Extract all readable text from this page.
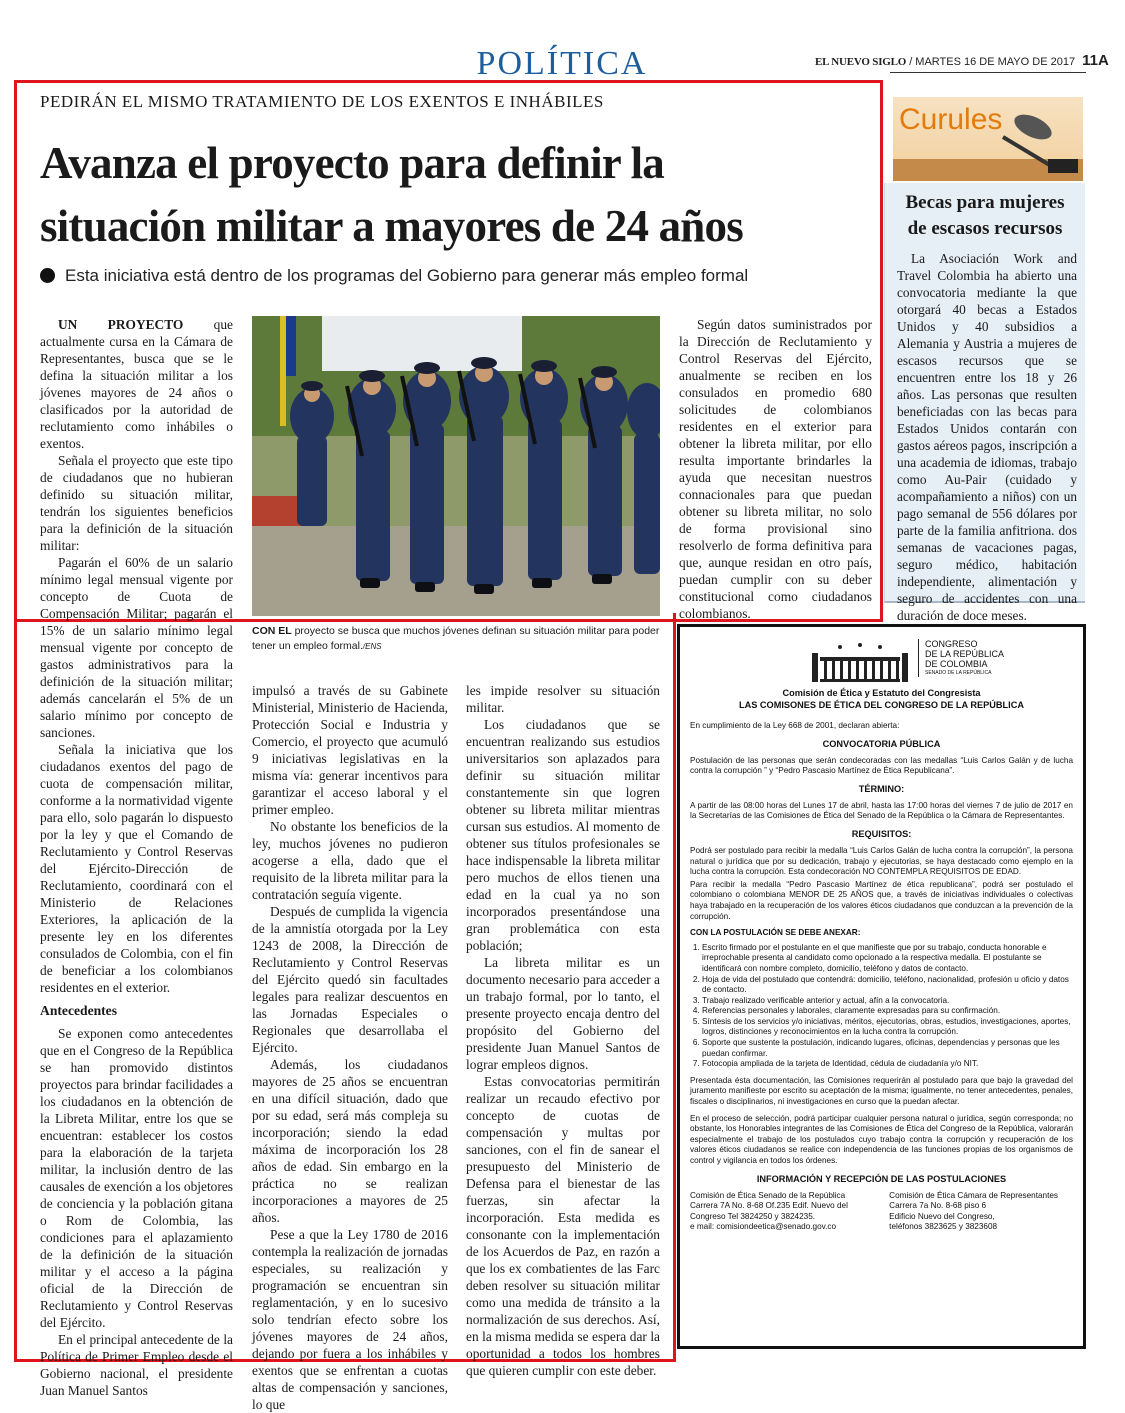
POLÍTICA	EL NUEVO SIGLO / MARTES 16 DE MAYO DE 2017 11A
PEDIRÁN EL MISMO TRATAMIENTO DE LOS EXENTOS E INHÁBILES
Avanza el proyecto para definir la
situación militar a mayores de 24 años
Esta iniciativa está dentro de los programas del Gobierno para generar más empleo formal

UN PROYECTO que actualmente cursa en la Cámara de Representantes, busca que se le defina la situación militar a los jóvenes mayores de 24 años o clasificados por la autoridad de reclutamiento como inhábiles o exentos.

Señala el proyecto que este tipo de ciudadanos que no hubieran definido su situación militar, tendrán los siguientes beneficios para la definición de la situación militar:

Pagarán el 60% de un salario mínimo legal mensual vigente por concepto de Cuota de Compensación Militar; pagarán el 15% de un salario mínimo legal mensual vigente por concepto de gastos administrativos para la definición de la situación militar; además cancelarán el 5% de un salario mínimo por concepto de sanciones.

Señala la iniciativa que los ciudadanos exentos del pago de cuota de compensación militar, conforme a la normatividad vigente para ello, solo pagarán lo dispuesto por la ley y que el Comando de Reclutamiento y Control Reservas del Ejército-Dirección de Reclutamiento, coordinará con el Ministerio de Relaciones Exteriores, la aplicación de la presente ley en los diferentes consulados de Colombia, con el fin de beneficiar a los colombianos residentes en el exterior.

Antecedentes

Se exponen como antecedentes que en el Congreso de la República se han promovido distintos proyectos para brindar facilidades a los ciudadanos en la obtención de la Libreta Militar, entre los que se encuentran: establecer los costos para la elaboración de la tarjeta militar, la inclusión dentro de las causales de exención a los objetores de conciencia y la población gitana o Rom de Colombia, las condiciones para el aplazamiento de la definición de la situación militar y el acceso a la página oficial de la Dirección de Reclutamiento y Control Reservas del Ejército.

En el principal antecedente de la Política de Primer Empleo desde el Gobierno nacional, el presidente Juan Manuel Santos

CON EL proyecto se busca que muchos jóvenes definan su situación militar para poder tener un empleo formal./ENS

Según datos suministrados por la Dirección de Reclutamiento y Control Reservas del Ejército, anualmente se reciben en los consulados en promedio 680 solicitudes de colombianos residentes en el exterior para obtener la libreta militar, por ello resulta importante brindarles la ayuda que necesitan nuestros connacionales para que puedan obtener su libreta militar, no solo de forma provisional sino resolverlo de forma definitiva para que, aunque residan en otro país, puedan cumplir con su deber constitucional como ciudadanos colombianos.

impulsó a través de su Gabinete Ministerial, Ministerio de Hacienda, Protección Social e Industria y Comercio, el proyecto que acumuló 9 iniciativas legislativas en la misma vía: generar incentivos para garantizar el acceso laboral y el primer empleo.

No obstante los beneficios de la ley, muchos jóvenes no pudieron acogerse a ella, dado que el requisito de la libreta militar para la contratación seguía vigente.

Después de cumplida la vigencia de la amnistía otorgada por la Ley 1243 de 2008, la Dirección de Reclutamiento y Control Reservas del Ejército quedó sin facultades legales para realizar descuentos en las Jornadas Especiales o Regionales que desarrollaba el Ejército.

Además, los ciudadanos mayores de 25 años se encuentran en una difícil situación, dado que por su edad, será más compleja su incorporación; siendo la edad máxima de incorporación los 28 años de edad. Sin embargo en la práctica no se realizan incorporaciones a mayores de 25 años.

Pese a que la Ley 1780 de 2016 contempla la realización de jornadas especiales, su realización y programación se encuentran sin reglamentación, y en lo sucesivo solo tendrían efecto sobre los jóvenes mayores de 24 años, dejando por fuera a los inhábiles y exentos que se enfrentan a cuotas altas de compensación y sanciones, lo que

les impide resolver su situación militar.

Los ciudadanos que se encuentran realizando sus estudios universitarios son aplazados para definir su situación militar constantemente sin que logren obtener su libreta militar mientras cursan sus estudios. Al momento de obtener sus títulos profesionales se hace indispensable la libreta militar pero muchos de ellos tienen una edad en la cual ya no son incorporados presentándose una gran problemática con esta población;

La libreta militar es un documento necesario para acceder a un trabajo formal, por lo tanto, el presente proyecto encaja dentro del propósito del Gobierno del presidente Juan Manuel Santos de lograr empleos dignos.

Estas convocatorias permitirán realizar un recaudo efectivo por concepto de cuotas de compensación y multas por sanciones, con el fin de sanear el presupuesto del Ministerio de Defensa para el bienestar de las fuerzas, sin afectar la incorporación. Esta medida es consonante con la implementación de los Acuerdos de Paz, en razón a que los ex combatientes de las Farc deben resolver su situación militar como una medida de tránsito a la normalización de sus derechos. Así, en la misma medida se espera dar la oportunidad a todos los hombres que quieren cumplir con este deber.

Curules
Becas para mujeres de escasos recursos

La Asociación Work and Travel Colombia ha abierto una convocatoria mediante la que otorgará 40 becas a Estados Unidos y 40 subsidios a Alemania y Austria a mujeres de escasos recursos que se encuentren entre los 18 y 26 años. Las personas que resulten beneficiadas con las becas para Estados Unidos contarán con gastos aéreos pagos, inscripción a una academia de idiomas, trabajo como Au-Pair (cuidado y acompañamiento a niños) con un pago semanal de 556 dólares por parte de la familia anfitriona. dos semanas de vacaciones pagas, seguro médico, habitación independiente, alimentación y seguro de accidentes con una duración de doce meses.

CONGRESO
DE LA REPÚBLICA
DE COLOMBIA
SENADO DE LA REPÚBLICA
Comisión de Ética y Estatuto del Congresista
LAS COMISONES DE ÉTICA DEL CONGRESO DE LA REPÚBLICA

En cumplimiento de la Ley 668 de 2001, declaran abierta:

CONVOCATORIA PÚBLICA

Postulación de las personas que serán condecoradas con las medallas “Luis Carlos Galán y de lucha contra la corrupción ” y “Pedro Pascasio Martínez de Ética Republicana”.

TÉRMINO:

A partir de las 08:00 horas del Lunes 17 de abril, hasta las 17:00 horas del viernes 7 de julio de 2017 en la Secretarías de las Comisiones de Ética del Senado de la República o la Cámara de Representantes.

REQUISITOS:

Podrá ser postulado para recibir la medalla “Luis Carlos Galán de lucha contra la corrupción”, la persona natural o jurídica que por su dedicación, trabajo y ejecutorias, se haya destacado como ejemplo en la lucha contra la corrupción. Esta condecoración NO CONTEMPLA REQUISITOS DE EDAD.

Para recibir la medalla “Pedro Pascasio Martínez de ética republicana”, podrá ser postulado el colombiano o colombiana MENOR DE 25 AÑOS que, a través de iniciativas individuales o colectivas haya trabajado en la recuperación de los valores éticos ciudadanos que conduzcan a la prevención de la corrupción.

CON LA POSTULACIÓN SE DEBE ANEXAR:
1. Escrito firmado por el postulante en el que manifieste que por su trabajo, conducta honorable e irreprochable presenta al candidato como opcionado a la respectiva medalla. El postulante se identificará con nombre completo, domicilio, teléfono y datos de contacto.
2. Hoja de vida del postulado que contendrá: domicilio, teléfono, nacionalidad, profesión u oficio y datos de contacto.
3. Trabajo realizado verificable anterior y actual, afín a la convocatoria.
4. Referencias personales y laborales, claramente expresadas para su confirmación.
5. Síntesis de los servicios y/o iniciativas, méritos, ejecutorias, obras, estudios, investigaciones, aportes, logros, distinciones y reconocimientos en la lucha contra la corrupción.
6. Soporte que sustente la postulación, indicando lugares, oficinas, dependencias y personas que les puedan confirmar.
7. Fotocopia ampliada de la tarjeta de Identidad, cédula de ciudadanía y/o NIT.

Presentada ésta documentación, las Comisiones requerirán al postulado para que bajo la gravedad del juramento manifieste por escrito su aceptación de la misma; igualmente, no tener antecedentes, penales, fiscales o disciplinarios, ni investigaciones en curso que la puedan afectar.

En el proceso de selección, podrá participar cualquier persona natural o jurídica, según corresponda; no obstante, los Honorables integrantes de las Comisiones de Ética del Congreso de la República, valorarán especialmente el trabajo de los postulados cuyo trabajo contra la corrupción y recuperación de los valores éticos ciudadanos se realice con independencia de las funciones propias de los organismos de control y vigilancia en todos los órdenes.

INFORMACIÓN Y RECEPCIÓN DE LAS POSTULACIONES
Comisión de Ética Senado de la República
Carrera 7A No. 8-68 Of.235 Edif. Nuevo del Congreso Tel 3824250 y 3824235.
e mail: comisiondeetica@senado.gov.co
Comisión de Ética Cámara de Representantes
Carrera 7a No. 8-68 piso 6
Edificio Nuevo del Congreso,
teléfonos 3823625 y 3823608
